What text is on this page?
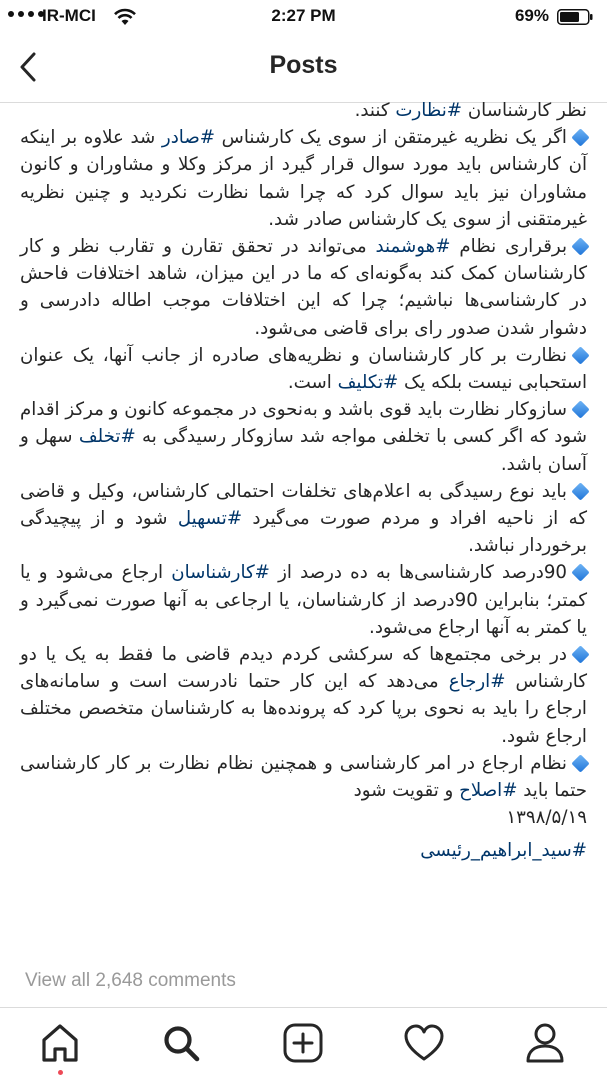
IR-MCI	2:27 PM	69%
Posts
نظر کارشناسان #نظارت کنند.
اگر یک نظریه غیرمتقن از سوی یک کارشناس #صادر شد علاوه بر اینکه آن کارشناس باید مورد سوال قرار گیرد از مرکز وکلا و مشاوران و کانون مشاوران نیز باید سوال کرد که چرا شما نظارت نکردید و چنین نظریه غیرمتقنی از سوی یک کارشناس صادر شد.
برقراری نظام #هوشمند می‌تواند در تحقق تقارن و تقارب نظر و کار کارشناسان کمک کند به‌گونه‌ای که ما در این میزان، شاهد اختلافات فاحش در کارشناسی‌ها نباشیم؛ چرا که این اختلافات موجب اطاله دادرسی و دشوار شدن صدور رای برای قاضی می‌شود.
نظارت بر کار کارشناسان و نظریه‌های صادره از جانب آنها، یک عنوان استحبابی نیست بلکه یک #تکلیف است.
سازوکار نظارت باید قوی باشد و به‌نحوی در مجموعه کانون و مرکز اقدام شود که اگر کسی با تخلفی مواجه شد سازوکار رسیدگی به #تخلف سهل و آسان باشد.
باید نوع رسیدگی به اعلام‌های تخلفات احتمالی کارشناس، وکیل و قاضی که از ناحیه افراد و مردم صورت می‌گیرد #تسهیل شود و از پیچیدگی برخوردار نباشد.
90درصد کارشناسی‌ها به ده درصد از #کارشناسان ارجاع می‌شود و یا کمتر؛ بنابراین 90درصد از کارشناسان، یا ارجاعی به آنها صورت نمی‌گیرد و یا کمتر به آنها ارجاع می‌شود.
در برخی مجتمع‌ها که سرکشی کردم دیدم قاضی ما فقط به یک یا دو کارشناس #ارجاع می‌دهد که این کار حتما نادرست است و سامانه‌های ارجاع را باید به نحوی برپا کرد که پرونده‌ها به کارشناسان متخصص مختلف ارجاع شود.
نظام ارجاع در امر کارشناسی و همچنین نظام نظارت بر کار کارشناسی حتما باید #اصلاح و تقویت شود
۱۳۹۸/۵/۱۹
#سید_ابراهیم_رئیسی
View all 2,648 comments
